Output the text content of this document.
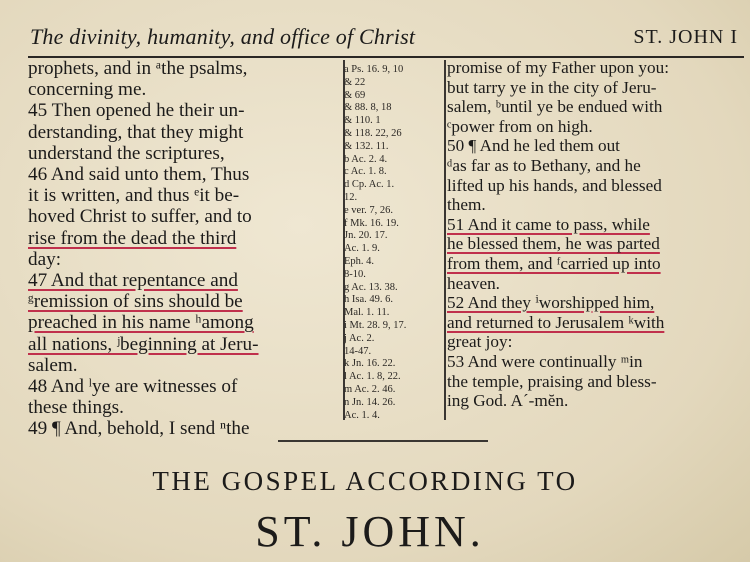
The divinity, humanity, and office of Christ	ST. JOHN I
prophets, and in ᵃthe psalms,
concerning me.
45 Then opened he their un-
derstanding, that they might
understand the scriptures,
46 And said unto them, Thus
it is written, and thus ᵉit be-
hoved Christ to suffer, and to
rise from the dead the third
day:
47 And that repentance and
ᵍremission of sins should be
preached in his name ʰamong
all nations, ʲbeginning at Jeru-
salem.
48 And ˡye are witnesses of
these things.
49 ¶ And, behold, I send ⁿthe
a Ps. 16. 9, 10
& 22
& 69
& 88. 8, 18
& 110. 1
& 118. 22, 26
& 132. 11.
b Ac. 2. 4.
c Ac. 1. 8.
d Cp. Ac. 1.
12.
e ver. 7, 26.
f Mk. 16. 19.
Jn. 20. 17.
Ac. 1. 9.
Eph. 4.
8-10.
g Ac. 13. 38.
h Isa. 49. 6.
Mal. 1. 11.
i Mt. 28. 9, 17.
j Ac. 2.
14-47.
k Jn. 16. 22.
l Ac. 1. 8, 22.
m Ac. 2. 46.
n Jn. 14. 26.
Ac. 1. 4.
promise of my Father upon you:
but tarry ye in the city of Jeru-
salem, ᵇuntil ye be endued with
ᶜpower from on high.
50 ¶ And he led them out
ᵈas far as to Bethany, and he
lifted up his hands, and blessed
them.
51 And it came to pass, while
he blessed them, he was parted
from them, and ᶠcarried up into
heaven.
52 And they ⁱworshipped him,
and returned to Jerusalem ᵏwith
great joy:
53 And were continually ᵐin
the temple, praising and bless-
ing God. A´-mĕn.
THE GOSPEL ACCORDING TO
ST. JOHN.
